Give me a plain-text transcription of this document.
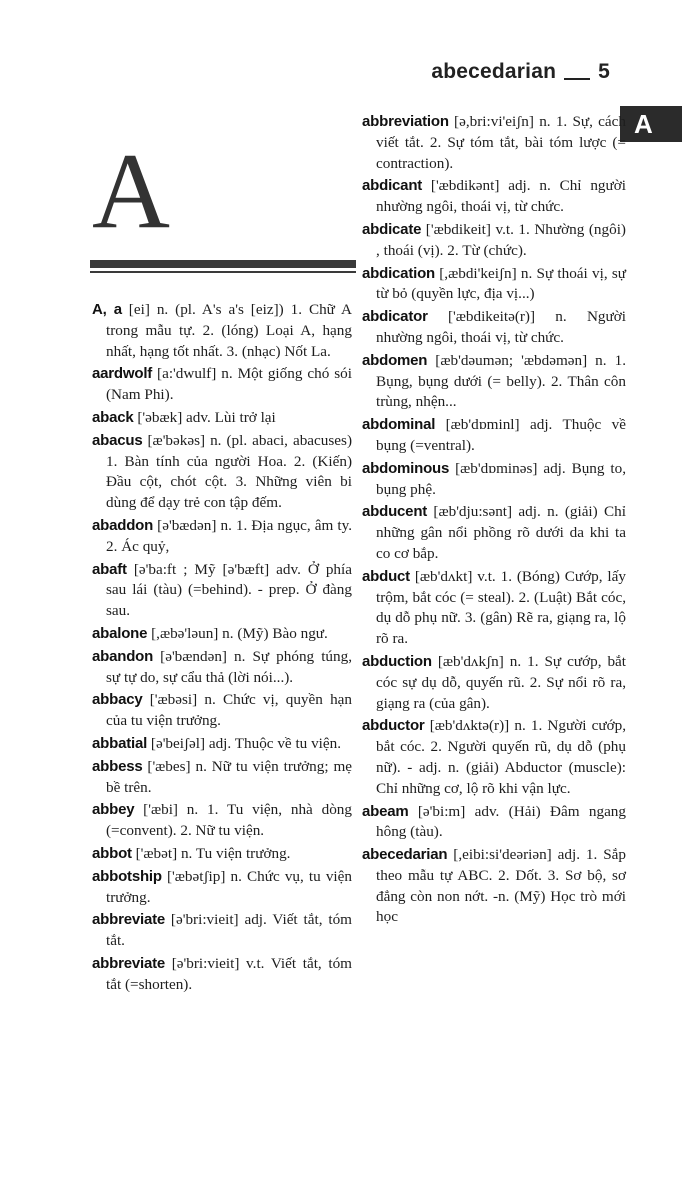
abecedarian 5
A
A

A, a [ei] n. (pl. A's a's [eiz]) 1. Chữ A trong mẫu tự. 2. (lóng) Loại A, hạng nhất, hạng tốt nhất. 3. (nhạc) Nốt La.

aardwolf [a:'dwulf] n. Một giống chó sói (Nam Phi).

aback ['əbæk] adv. Lùi trở lại

abacus [æ'bəkəs] n. (pl. abaci, abacuses) 1. Bàn tính của người Hoa. 2. (Kiến) Đầu cột, chót cột. 3. Những viên bi dùng để dạy trẻ con tập đếm.

abaddon [ə'bædən] n. 1. Địa ngục, âm ty. 2. Ác quỷ,

abaft [ə'ba:ft ; Mỹ [ə'bæft] adv. Ở phía sau lái (tàu) (=behind). - prep. Ở đàng sau.

abalone [,æbə'ləun] n. (Mỹ) Bào ngư.

abandon [ə'bændən] n. Sự phóng túng, sự tự do, sự cẩu thả (lời nói...).

abbacy ['æbəsi] n. Chức vị, quyền hạn của tu viện trưởng.

abbatial [ə'beiʃəl] adj. Thuộc về tu viện.

abbess ['æbes] n. Nữ tu viện trưởng; mẹ bề trên.

abbey ['æbi] n. 1. Tu viện, nhà dòng (=convent). 2. Nữ tu viện.

abbot ['æbət] n. Tu viện trưởng.

abbotship ['æbətʃip] n. Chức vụ, tu viện trưởng.

abbreviate [ə'bri:vieit] adj. Viết tắt, tóm tắt.

abbreviate [ə'bri:vieit] v.t. Viết tắt, tóm tắt (=shorten).

abbreviation [ə,bri:vi'eiʃn] n. 1. Sự, cách viết tắt. 2. Sự tóm tắt, bài tóm lược (= contraction).

abdicant ['æbdikənt] adj. n. Chỉ người nhường ngôi, thoái vị, từ chức.

abdicate ['æbdikeit] v.t. 1. Nhường (ngôi) , thoái (vị). 2. Từ (chức).

abdication [,æbdi'keiʃn] n. Sự thoái vị, sự từ bỏ (quyền lực, địa vị...)

abdicator ['æbdikeitə(r)] n. Người nhường ngôi, thoái vị, từ chức.

abdomen [æb'dəumən; 'æbdəmən] n. 1. Bụng, bụng dưới (= belly). 2. Thân côn trùng, nhện...

abdominal [æb'dɒminl] adj. Thuộc về bụng (=ventral).

abdominous [æb'dɒminəs] adj. Bụng to, bụng phệ.

abducent [æb'dju:sənt] adj. n. (giải) Chỉ những gân nổi phồng rõ dưới da khi ta co cơ bắp.

abduct [æb'dʌkt] v.t. 1. (Bóng) Cướp, lấy trộm, bắt cóc (= steal). 2. (Luật) Bắt cóc, dụ dỗ phụ nữ. 3. (gân) Rẽ ra, giạng ra, lộ rõ ra.

abduction [æb'dʌkʃn] n. 1. Sự cướp, bắt cóc sự dụ dỗ, quyến rũ. 2. Sự nổi rõ ra, giạng ra (của gân).

abductor [æb'dʌktə(r)] n. 1. Người cướp, bắt cóc. 2. Người quyến rũ, dụ dỗ (phụ nữ). - adj. n. (giải) Abductor (muscle): Chỉ những cơ, lộ rõ khi vận lực.

abeam [ə'bi:m] adv. (Hải) Đâm ngang hông (tàu).

abecedarian [,eibi:si'deəriən] adj. 1. Sắp theo mẫu tự ABC. 2. Dốt. 3. Sơ bộ, sơ đẳng còn non nớt. -n. (Mỹ) Học trò mới học
